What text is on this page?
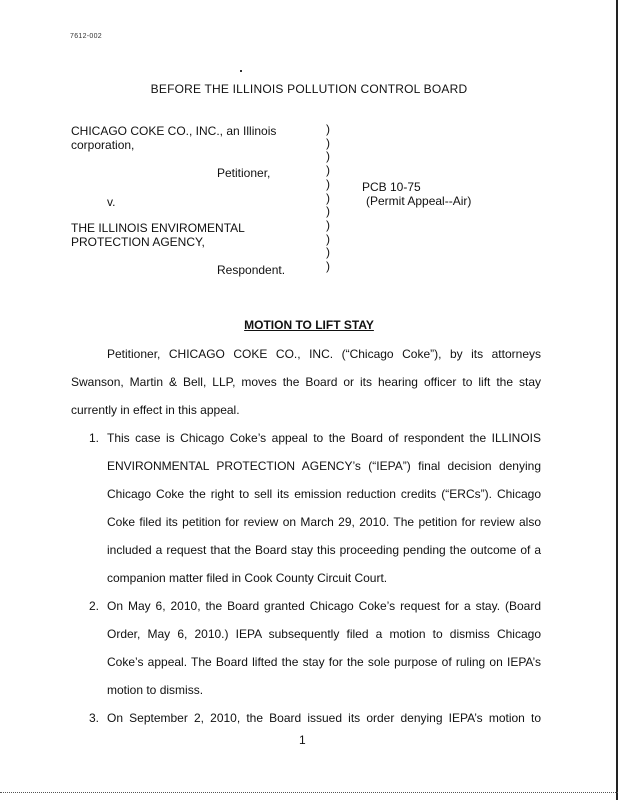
7612-002
BEFORE THE ILLINOIS POLLUTION CONTROL BOARD
CHICAGO COKE CO., INC., an Illinois
corporation,
Petitioner,
v.
THE ILLINOIS ENVIROMENTAL
PROTECTION AGENCY,
Respondent.
)
)
)
)
)
)
)
)
)
)
)
PCB 10-75
(Permit Appeal--Air)
MOTION TO LIFT STAY
Petitioner, CHICAGO COKE CO., INC. (“Chicago Coke”), by its attorneys
Swanson, Martin & Bell, LLP, moves the Board or its hearing officer to lift the stay
currently in effect in this appeal.
1. This case is Chicago Coke’s appeal to the Board of respondent the ILLINOIS
ENVIRONMENTAL PROTECTION AGENCY’s (“IEPA”) final decision denying
Chicago Coke the right to sell its emission reduction credits (“ERCs”). Chicago
Coke filed its petition for review on March 29, 2010. The petition for review also
included a request that the Board stay this proceeding pending the outcome of a
companion matter filed in Cook County Circuit Court.
2. On May 6, 2010, the Board granted Chicago Coke’s request for a stay. (Board
Order, May 6, 2010.) IEPA subsequently filed a motion to dismiss Chicago
Coke’s appeal. The Board lifted the stay for the sole purpose of ruling on IEPA’s
motion to dismiss.
3. On September 2, 2010, the Board issued its order denying IEPA’s motion to
1
